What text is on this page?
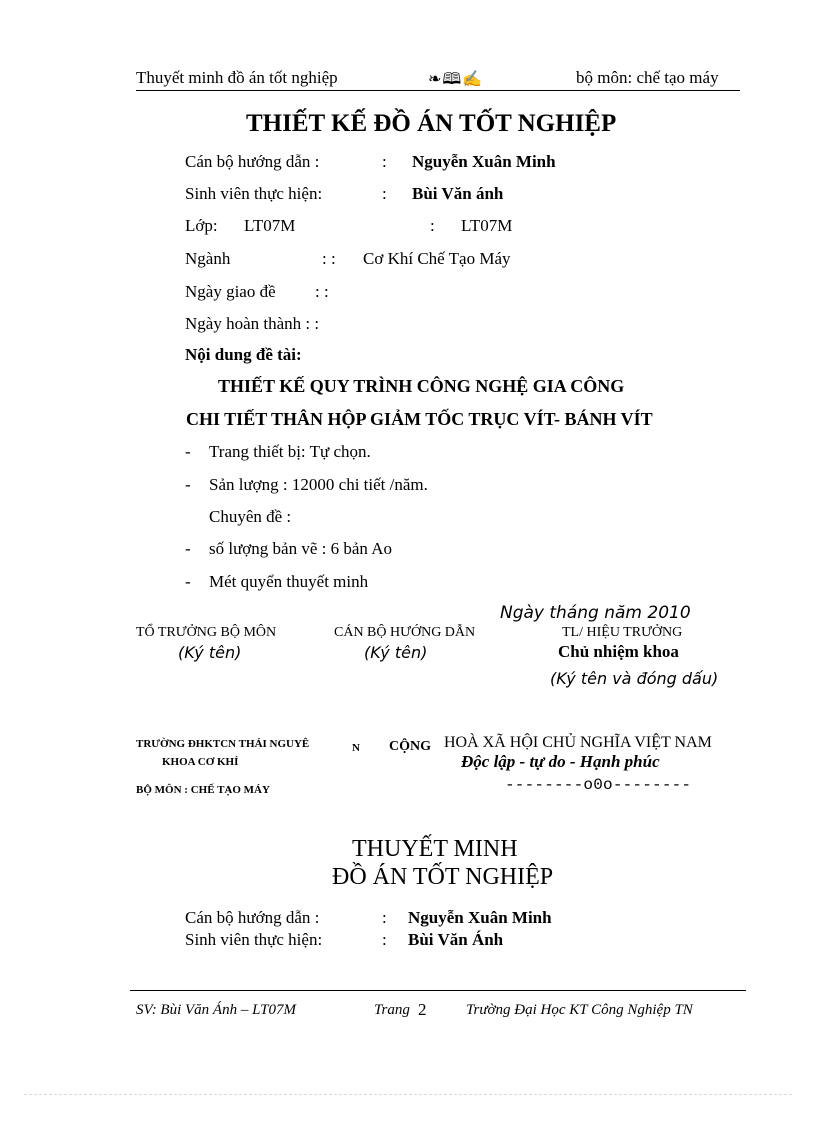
Thuyết minh đồ án tốt nghiệp	❧🕮✍	bộ môn: chế tạo máy
THIẾT KẾ ĐỒ ÁN TỐT NGHIỆP
Cán bộ hướng dẫn :	: Nguyễn Xuân Minh
Sinh viên thực hiện:	: Bùi Văn ánh
Lớp: LT07M	: LT07M
Ngành	: : Cơ Khí Chế Tạo Máy
Ngày giao đề : :
Ngày hoàn thành : :
Nội dung đề tài:
THIẾT KẾ QUY TRÌNH CÔNG NGHỆ GIA CÔNG
CHI TIẾT THÂN HỘP GIẢM TỐC TRỤC VÍT- BÁNH VÍT
- Trang thiết bị: Tự chọn.
- Sản lượng : 12000 chi tiết /năm.
Chuyên đề :
- số lượng bản vẽ : 6 bản Ao
- Mét quyển thuyết minh
Ngày tháng năm 2010
TỔ TRƯỞNG BỘ MÔN	CÁN BỘ HƯỚNG DẪN	TL/ HIỆU TRƯỞNG
(Ký tên)	(Ký tên)	Chủ nhiệm khoa
(Ký tên và đóng dấu)
TRƯỜNG ĐHKTCN THÁI NGUYÊ	N
KHOA CƠ KHÍ
BỘ MÔN : CHẾ TẠO MÁY
CỘNG HOÀ XÃ HỘI CHỦ NGHĨA VIỆT NAM
Độc lập - tự do - Hạnh phúc
--------o0o--------
THUYẾT MINH
ĐỒ ÁN TỐT NGHIỆP
Cán bộ hướng dẫn :	: Nguyễn Xuân Minh
Sinh viên thực hiện:	: Bùi Văn Ánh
SV: Bùi Văn Ánh – LT07M	Trang 2	Trường Đại Học KT Công Nghiệp TN
